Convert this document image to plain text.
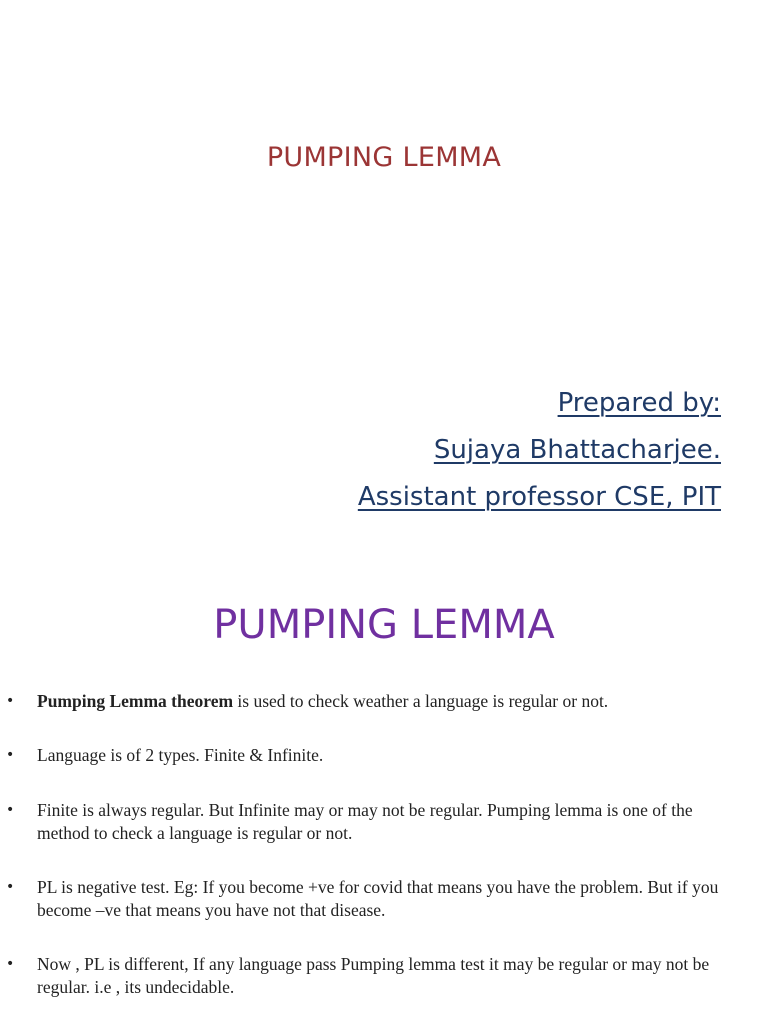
PUMPING LEMMA
Prepared by:
Sujaya Bhattacharjee.
Assistant professor CSE, PIT
PUMPING LEMMA
• Pumping Lemma theorem is used to check weather a language is regular or not.
• Language is of 2 types. Finite & Infinite.
• Finite is always regular. But Infinite may or may not be regular. Pumping lemma is one of the method to check a language is regular or not.
• PL is negative test. Eg: If you become +ve for covid that means you have the problem. But if you become –ve that means you have not that disease.
• Now , PL is different, If any language pass Pumping lemma test it may be regular or may not be regular. i.e , its undecidable.
